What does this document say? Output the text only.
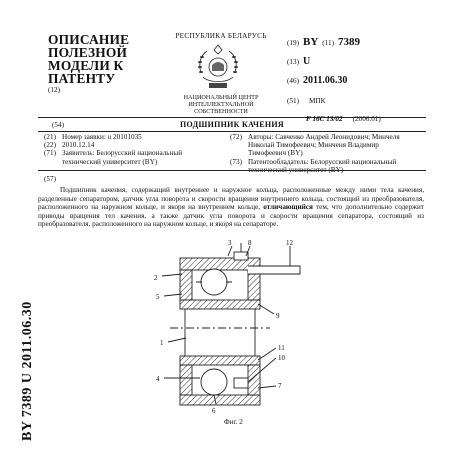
ОПИСАНИЕ
ПОЛЕЗНОЙ
МОДЕЛИ К
ПАТЕНТУ
(12)
РЕСПУБЛИКА БЕЛАРУСЬ
НАЦИОНАЛЬНЫЙ ЦЕНТР
ИНТЕЛЛЕКТУАЛЬНОЙ
СОБСТВЕННОСТИ
(19) BY (11) 7389
(13) U
(46) 2011.06.30
(51) МПК
F 16C 13/02 (2006.01)
(54)	ПОДШИПНИК КАЧЕНИЯ
(21) Номер заявки: u 20101035
(22) 2010.12.14
(71) Заявитель: Белорусский национальный технический университет (BY)
(72) Авторы: Савченко Андрей Леонидович; Минчеля Николай Тимофеевич; Минченя Владимир Тимофеевич (BY)
(73) Патентообладатель: Белорусский национальный технический университет (BY)
(57)
Подшипник качения, содержащий внутреннее и наружное кольца, расположенные между ними тела качения, разделенные сепаратором, датчик угла поворота и скорости вращения внутреннего кольца, состоящий из преобразователя, расположенного на наружном кольце, и якоря на внутреннем кольце, отличающийся тем, что дополнительно содержит приводы вращения тел качения, а также датчик угла поворота и скорости вращения сепаратора, состоящий из преобразователя, расположенного на наружном кольце, и якоря на сепараторе.
BY 7389 U 2011.06.30
3 8	12
2
5
9
1
11
10
4
7
6
Фиг. 2
